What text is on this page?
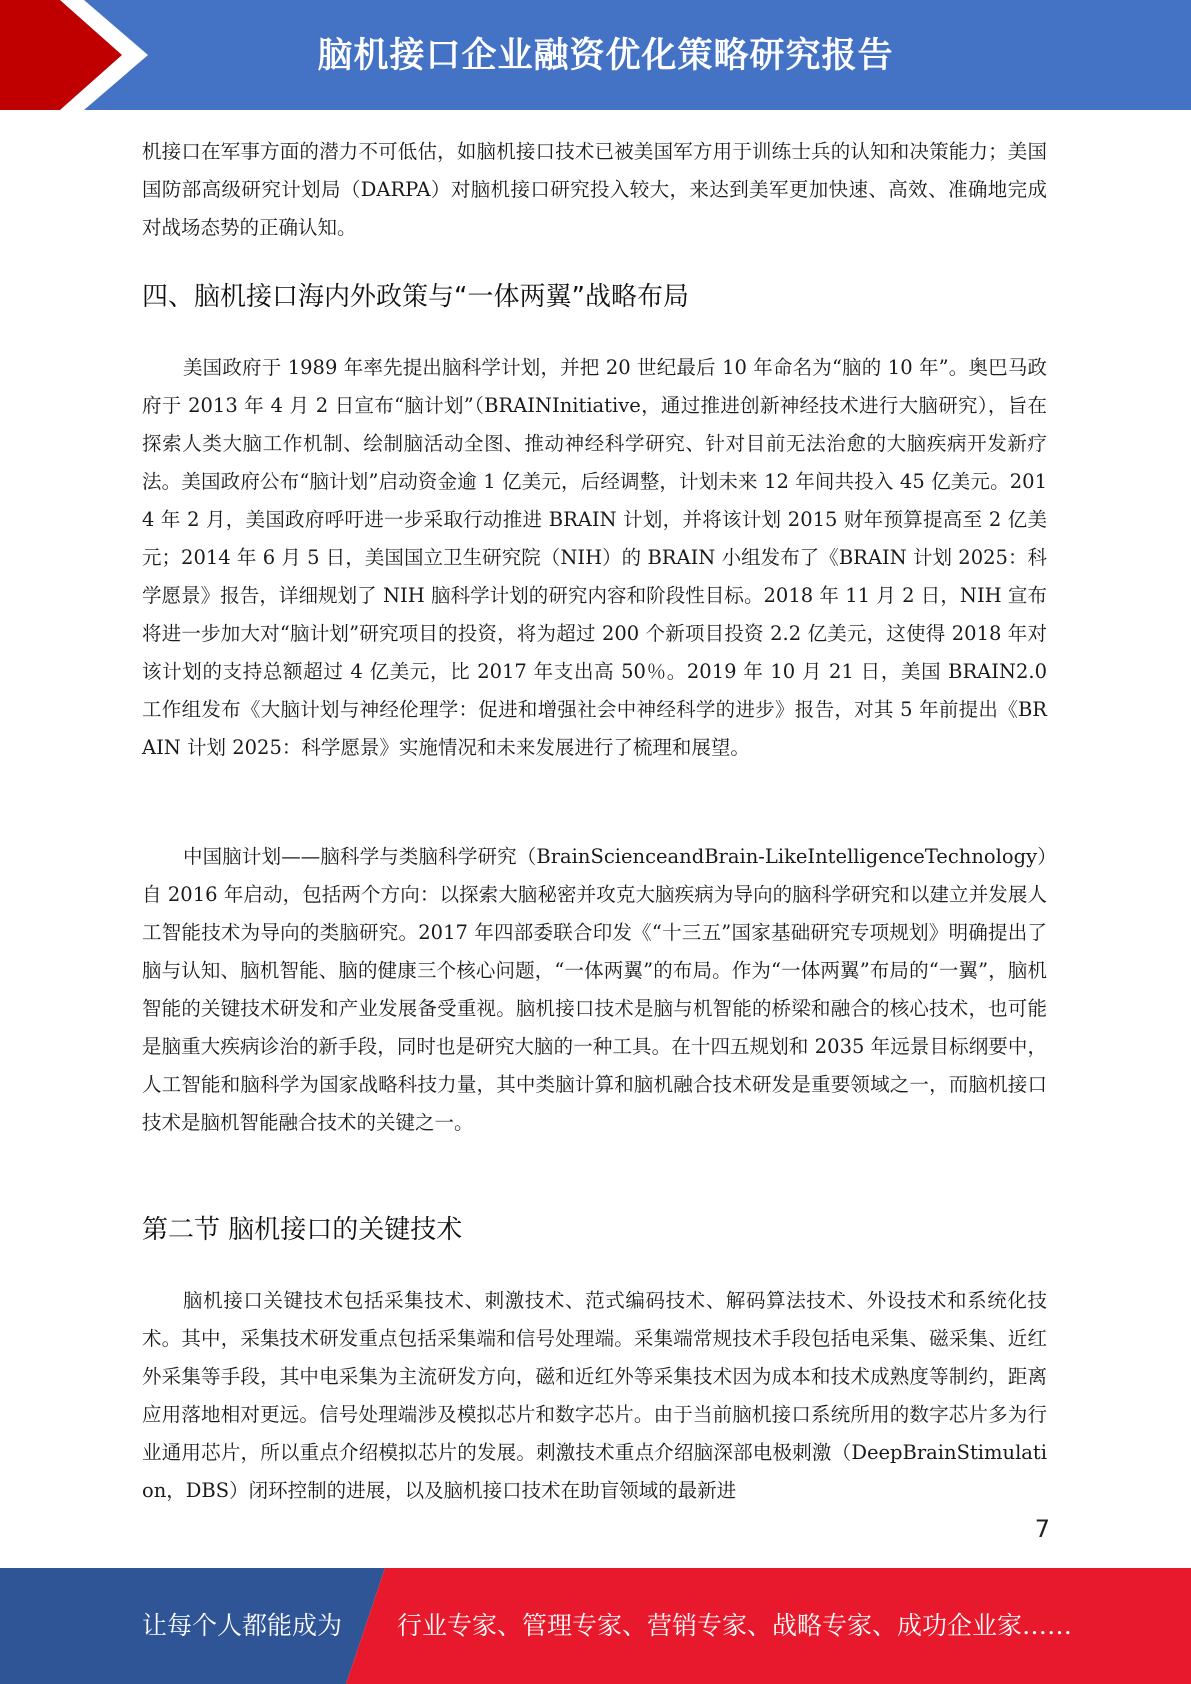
脑机接口企业融资优化策略研究报告

机接口在军事方面的潜力不可低估，如脑机接口技术已被美国军方用于训练士兵的认知和决策能力；美国国防部高级研究计划局（DARPA）对脑机接口研究投入较大，来达到美军更加快速、高效、准确地完成对战场态势的正确认知。

四、脑机接口海内外政策与“一体两翼”战略布局

美国政府于 1989 年率先提出脑科学计划，并把 20 世纪最后 10 年命名为“脑的 10 年”。奥巴马政府于 2013 年 4 月 2 日宣布“脑计划”（BRAINInitiative，通过推进创新神经技术进行大脑研究），旨在探索人类大脑工作机制、绘制脑活动全图、推动神经科学研究、针对目前无法治愈的大脑疾病开发新疗法。美国政府公布“脑计划”启动资金逾 1 亿美元，后经调整，计划未来 12 年间共投入 45 亿美元。2014 年 2 月，美国政府呼吁进一步采取行动推进 BRAIN 计划，并将该计划 2015 财年预算提高至 2 亿美元；2014 年 6 月 5 日，美国国立卫生研究院（NIH）的 BRAIN 小组发布了《BRAIN 计划 2025：科学愿景》报告，详细规划了 NIH 脑科学计划的研究内容和阶段性目标。2018 年 11 月 2 日，NIH 宣布将进一步加大对“脑计划”研究项目的投资，将为超过 200 个新项目投资 2.2 亿美元，这使得 2018 年对该计划的支持总额超过 4 亿美元，比 2017 年支出高 50％。2019 年 10 月 21 日，美国 BRAIN2.0 工作组发布《大脑计划与神经伦理学：促进和增强社会中神经科学的进步》报告，对其 5 年前提出《BRAIN 计划 2025：科学愿景》实施情况和未来发展进行了梳理和展望。

中国脑计划——脑科学与类脑科学研究（BrainScienceandBrain-LikeIntelligenceTechnology）自 2016 年启动，包括两个方向：以探索大脑秘密并攻克大脑疾病为导向的脑科学研究和以建立并发展人工智能技术为导向的类脑研究。2017 年四部委联合印发《“十三五”国家基础研究专项规划》明确提出了脑与认知、脑机智能、脑的健康三个核心问题，“一体两翼”的布局。作为“一体两翼”布局的“一翼”，脑机智能的关键技术研发和产业发展备受重视。脑机接口技术是脑与机智能的桥梁和融合的核心技术，也可能是脑重大疾病诊治的新手段，同时也是研究大脑的一种工具。在十四五规划和 2035 年远景目标纲要中，人工智能和脑科学为国家战略科技力量，其中类脑计算和脑机融合技术研发是重要领域之一，而脑机接口技术是脑机智能融合技术的关键之一。

第二节 脑机接口的关键技术

脑机接口关键技术包括采集技术、刺激技术、范式编码技术、解码算法技术、外设技术和系统化技术。其中，采集技术研发重点包括采集端和信号处理端。采集端常规技术手段包括电采集、磁采集、近红外采集等手段，其中电采集为主流研发方向，磁和近红外等采集技术因为成本和技术成熟度等制约，距离应用落地相对更远。信号处理端涉及模拟芯片和数字芯片。由于当前脑机接口系统所用的数字芯片多为行业通用芯片，所以重点介绍模拟芯片的发展。刺激技术重点介绍脑深部电极刺激（DeepBrainStimulation，DBS）闭环控制的进展，以及脑机接口技术在助盲领域的最新进

7
让每个人都能成为 行业专家、管理专家、营销专家、战略专家、成功企业家……
